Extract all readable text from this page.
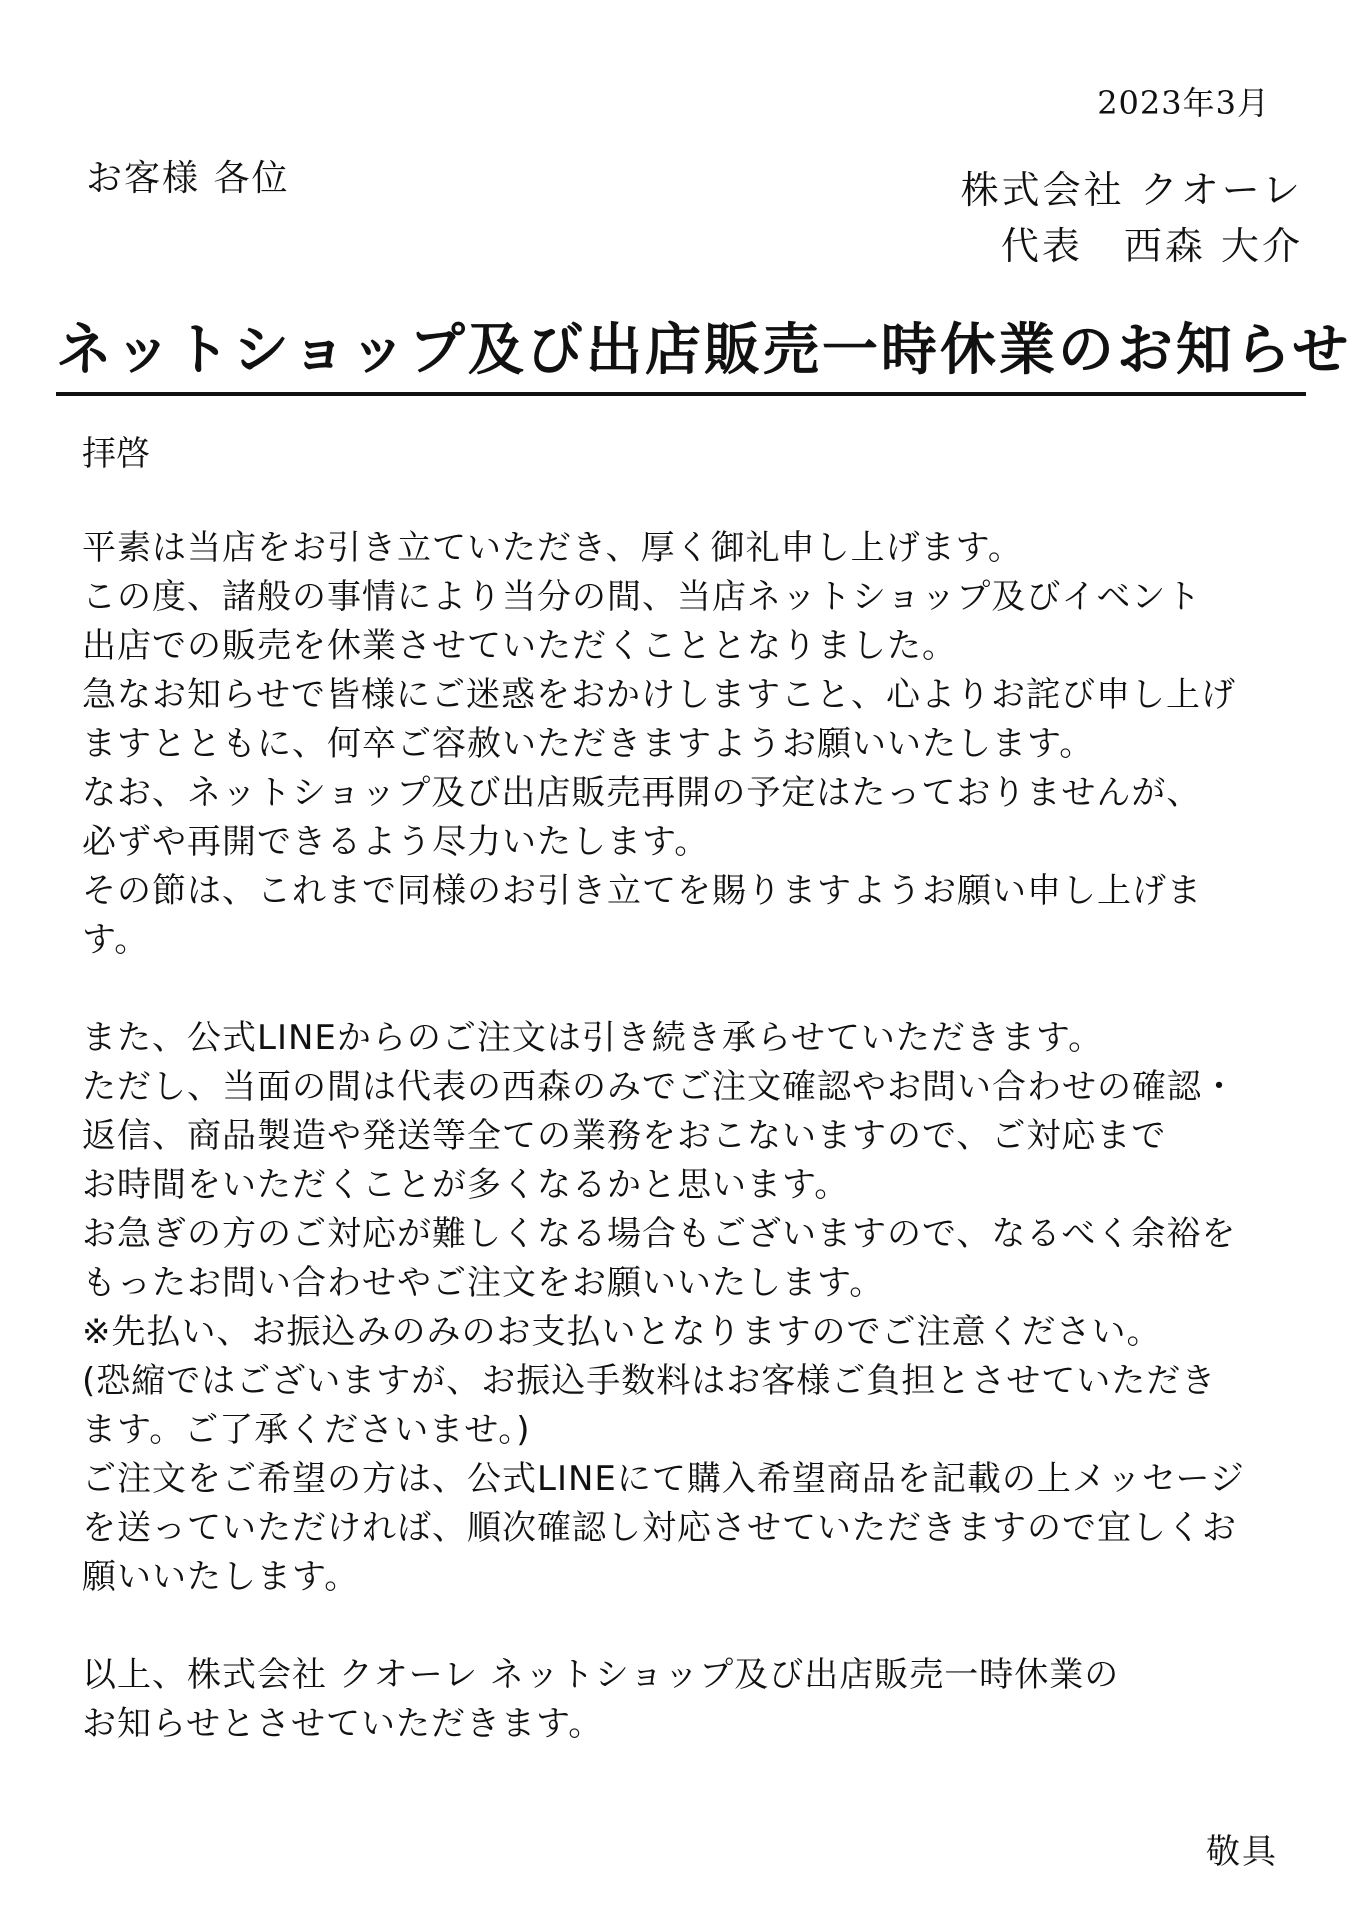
2023年3月
お客様 各位	株式会社 クオーレ
代表　西森 大介
ネットショップ及び出店販売一時休業のお知らせ
拝啓
平素は当店をお引き立ていただき、厚く御礼申し上げます。
この度、諸般の事情により当分の間、当店ネットショップ及びイベント
出店での販売を休業させていただくこととなりました。
急なお知らせで皆様にご迷惑をおかけしますこと、心よりお詫び申し上げ
ますとともに、何卒ご容赦いただきますようお願いいたします。
なお、ネットショップ及び出店販売再開の予定はたっておりませんが、
必ずや再開できるよう尽力いたします。
その節は、これまで同様のお引き立てを賜りますようお願い申し上げま
す。
また、公式LINEからのご注文は引き続き承らせていただきます。
ただし、当面の間は代表の西森のみでご注文確認やお問い合わせの確認・
返信、商品製造や発送等全ての業務をおこないますので、ご対応まで
お時間をいただくことが多くなるかと思います。
お急ぎの方のご対応が難しくなる場合もございますので、なるべく余裕を
もったお問い合わせやご注文をお願いいたします。
※先払い、お振込みのみのお支払いとなりますのでご注意ください。
(恐縮ではございますが、お振込手数料はお客様ご負担とさせていただき
ます。ご了承くださいませ。)
ご注文をご希望の方は、公式LINEにて購入希望商品を記載の上メッセージ
を送っていただければ、順次確認し対応させていただきますので宜しくお
願いいたします。
以上、株式会社 クオーレ ネットショップ及び出店販売一時休業の
お知らせとさせていただきます。
敬具
